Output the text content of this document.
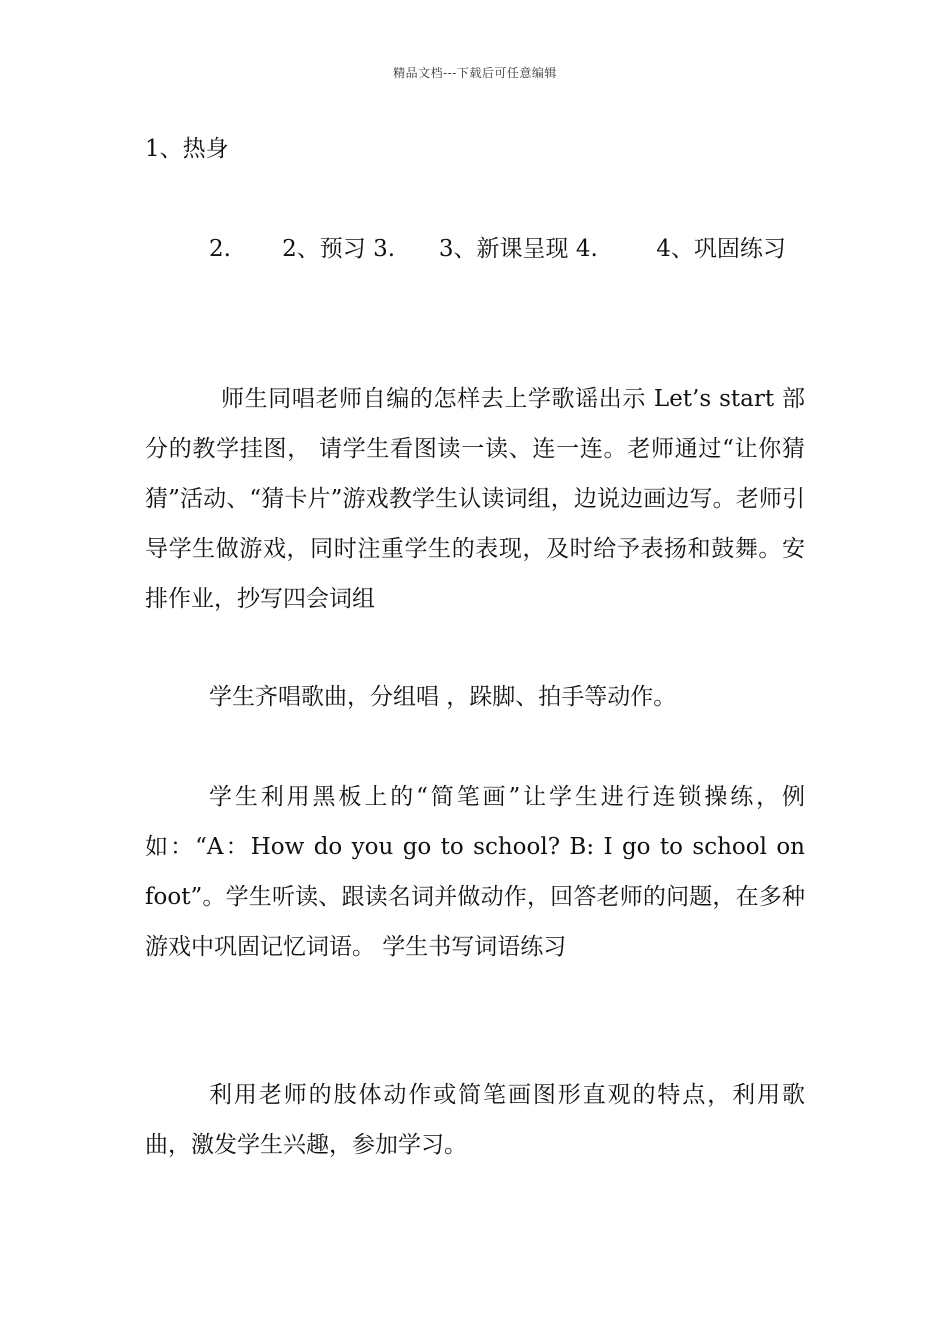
精品文档---下载后可任意编辑
1、热身
2.       2、预习 3.      3、新课呈现 4.        4、巩固练习
师生同唱老师自编的怎样去上学歌谣出示 Let’s start 部分的教学挂图， 请学生看图读一读、连一连。老师通过“让你猜猜”活动、“猜卡片”游戏教学生认读词组，边说边画边写。老师引导学生做游戏，同时注重学生的表现，及时给予表扬和鼓舞。安排作业，抄写四会词组
学生齐唱歌曲，分组唱 ，跺脚、拍手等动作。
学生利用黑板上的“简笔画”让学生进行连锁操练，例如：“A：How do you go to school? B: I go to school on foot”。学生听读、跟读名词并做动作，回答老师的问题，在多种游戏中巩固记忆词语。 学生书写词语练习
利用老师的肢体动作或简笔画图形直观的特点，利用歌曲，激发学生兴趣，参加学习。
